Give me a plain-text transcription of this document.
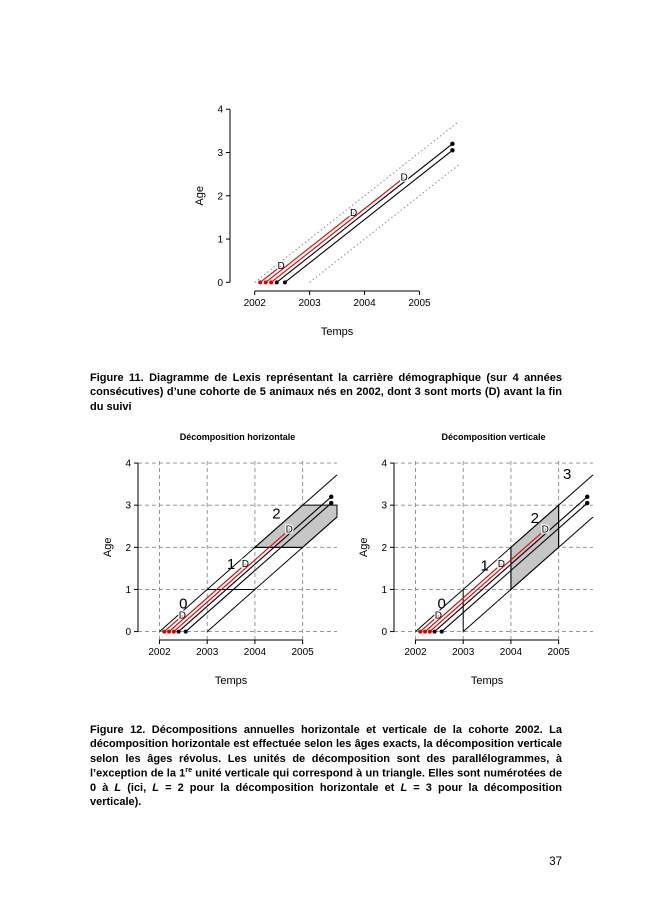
D
D
D
0
1
2
3
4
2002	2003	2004	2005
Age
Temps

Figure 11. Diagramme de Lexis représentant la carrière démographique (sur 4 années consécutives) d’une cohorte de 5 animaux nés en 2002, dont 3 sont morts (D) avant la fin du suivi

Décomposition horizontale
D
D
D
0
1
2
0
1
2
3
4
2002	2003	2004	2005
Age
Temps
Décomposition verticale
D
D
D
0
1
2
3
0
1
2
3
4
2002	2003	2004	2005
Age
Temps

Figure 12. Décompositions annuelles horizontale et verticale de la cohorte 2002. La décomposition horizontale est effectuée selon les âges exacts, la décomposition verticale selon les âges révolus. Les unités de décomposition sont des parallélogrammes, à l’exception de la 1re unité verticale qui correspond à un triangle. Elles sont numérotées de 0 à L (ici, L = 2 pour la décomposition horizontale et L = 3 pour la décomposition verticale).

37
